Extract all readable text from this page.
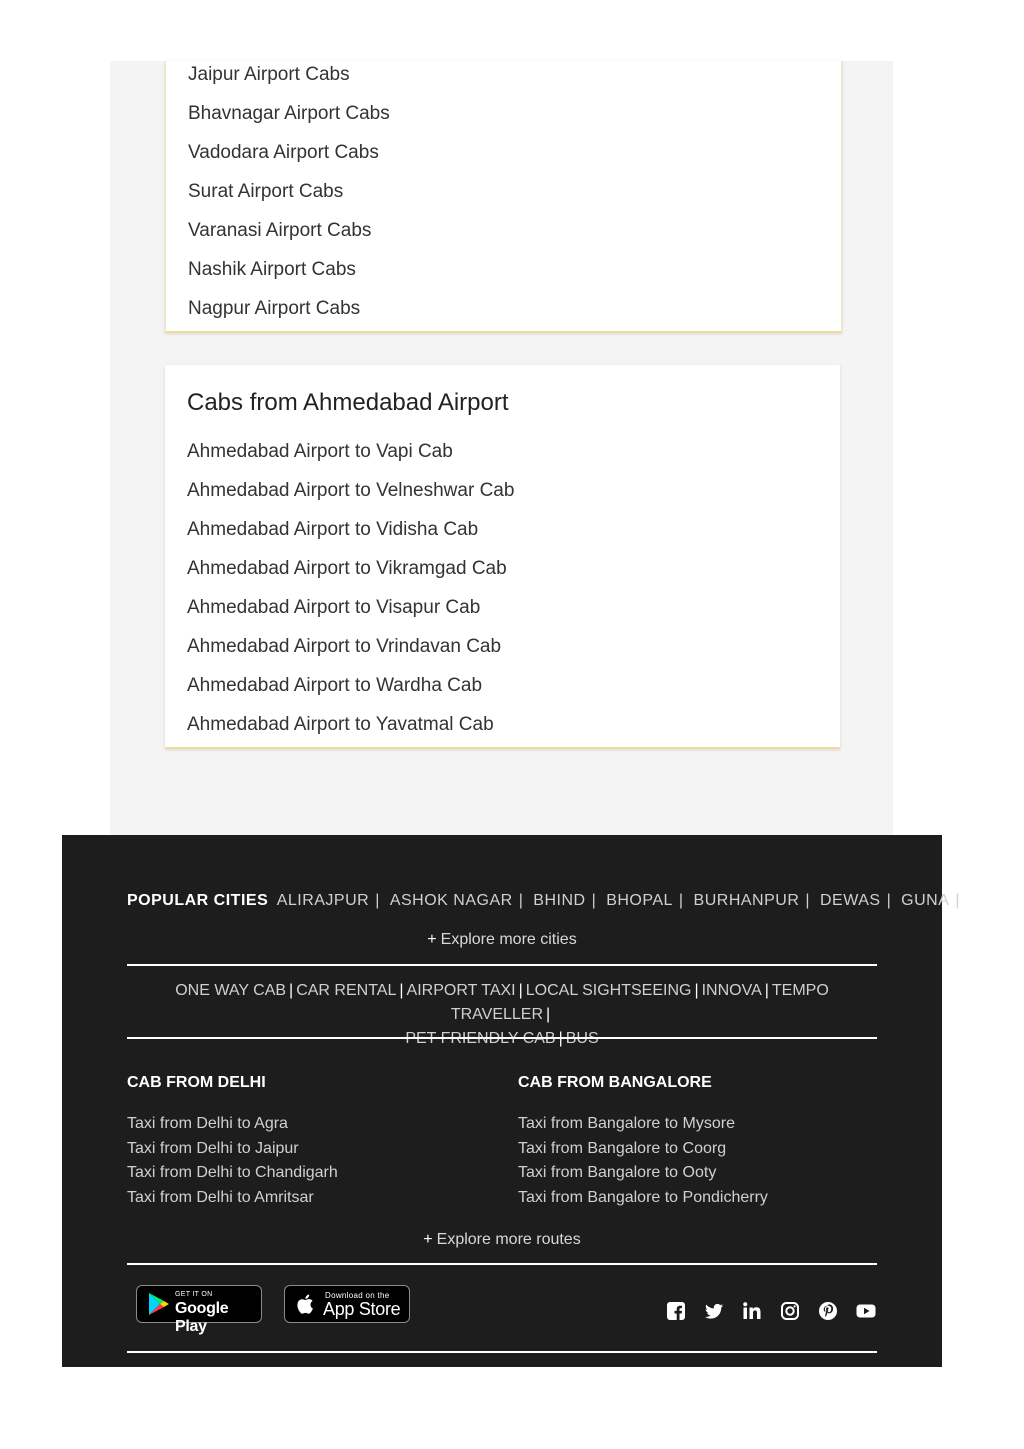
Jaipur Airport Cabs
Bhavnagar Airport Cabs
Vadodara Airport Cabs
Surat Airport Cabs
Varanasi Airport Cabs
Nashik Airport Cabs
Nagpur Airport Cabs
Cabs from Ahmedabad Airport
Ahmedabad Airport to Vapi Cab
Ahmedabad Airport to Velneshwar Cab
Ahmedabad Airport to Vidisha Cab
Ahmedabad Airport to Vikramgad Cab
Ahmedabad Airport to Visapur Cab
Ahmedabad Airport to Vrindavan Cab
Ahmedabad Airport to Wardha Cab
Ahmedabad Airport to Yavatmal Cab
POPULAR CITIES ALIRAJPUR | ASHOK NAGAR | BHIND | BHOPAL | BURHANPUR | DEWAS | GUNA |
+ Explore more cities
ONE WAY CAB | CAR RENTAL | AIRPORT TAXI | LOCAL SIGHTSEEING | INNOVA | TEMPO TRAVELLER |

CAB FROM DELHI
Taxi from Delhi to Agra
Taxi from Delhi to Jaipur
Taxi from Delhi to Chandigarh
Taxi from Delhi to Amritsar
CAB FROM BANGALORE
Taxi from Bangalore to Mysore
Taxi from Bangalore to Coorg
Taxi from Bangalore to Ooty
Taxi from Bangalore to Pondicherry
+ Explore more routes
GET IT ON
Google Play
Download on the
App Store
